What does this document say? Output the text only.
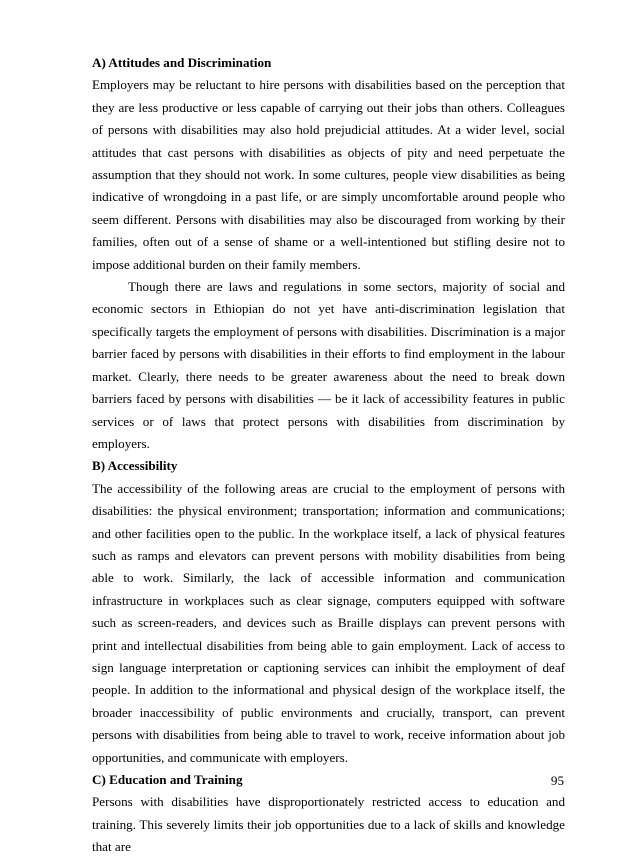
A) Attitudes and Discrimination

Employers may be reluctant to hire persons with disabilities based on the perception that they are less productive or less capable of carrying out their jobs than others. Colleagues of persons with disabilities may also hold prejudicial attitudes. At a wider level, social attitudes that cast persons with disabilities as objects of pity and need perpetuate the assumption that they should not work. In some cultures, people view disabilities as being indicative of wrongdoing in a past life, or are simply uncomfortable around people who seem different. Persons with disabilities may also be discouraged from working by their families, often out of a sense of shame or a well-intentioned but stifling desire not to impose additional burden on their family members.

Though there are laws and regulations in some sectors, majority of social and economic sectors in Ethiopian do not yet have anti-discrimination legislation that specifically targets the employment of persons with disabilities. Discrimination is a major barrier faced by persons with disabilities in their efforts to find employment in the labour market. Clearly, there needs to be greater awareness about the need to break down barriers faced by persons with disabilities — be it lack of accessibility features in public services or of laws that protect persons with disabilities from discrimination by employers.

B) Accessibility

The accessibility of the following areas are crucial to the employment of persons with disabilities: the physical environment; transportation; information and communications; and other facilities open to the public. In the workplace itself, a lack of physical features such as ramps and elevators can prevent persons with mobility disabilities from being able to work. Similarly, the lack of accessible information and communication infrastructure in workplaces such as clear signage, computers equipped with software such as screen-readers, and devices such as Braille displays can prevent persons with print and intellectual disabilities from being able to gain employment. Lack of access to sign language interpretation or captioning services can inhibit the employment of deaf people. In addition to the informational and physical design of the workplace itself, the broader inaccessibility of public environments and crucially, transport, can prevent persons with disabilities from being able to travel to work, receive information about job opportunities, and communicate with employers.

C) Education and Training

Persons with disabilities have disproportionately restricted access to education and training. This severely limits their job opportunities due to a lack of skills and knowledge that are

95
